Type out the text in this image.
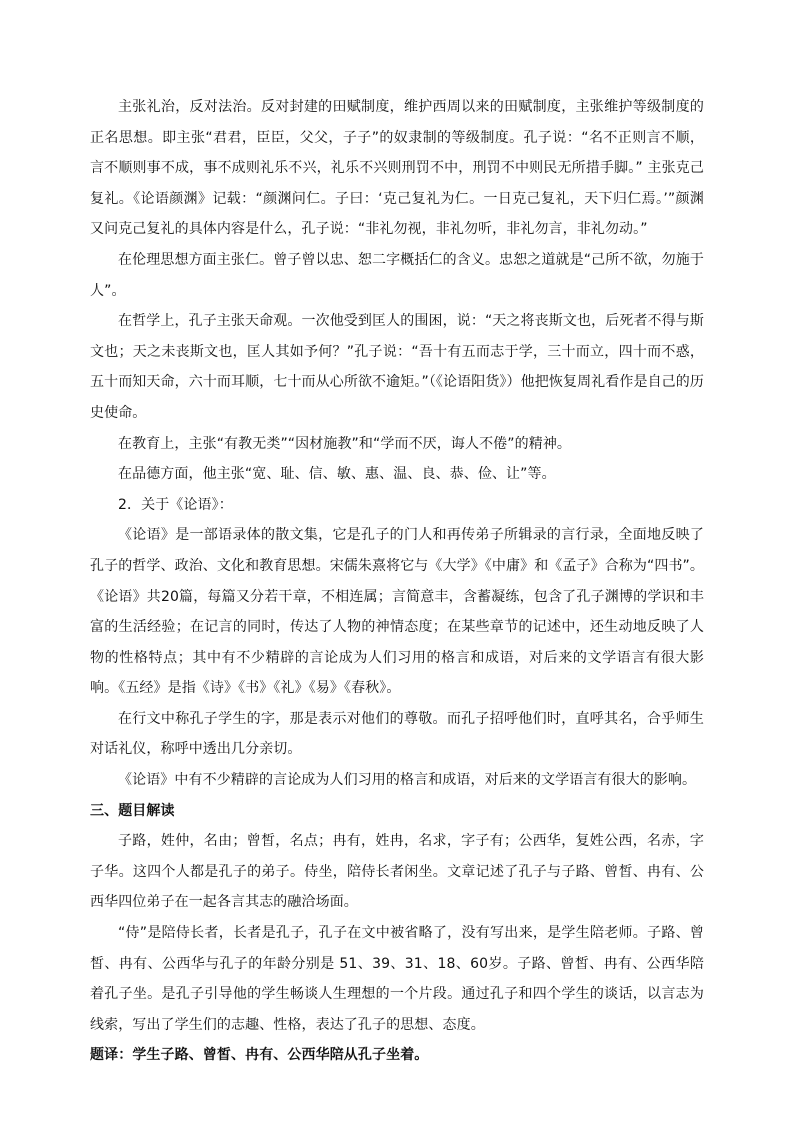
主张礼治，反对法治。反对封建的田赋制度，维护西周以来的田赋制度，主张维护等级制度的正名思想。即主张“君君，臣臣，父父，子子”的奴隶制的等级制度。孔子说：“名不正则言不顺，言不顺则事不成，事不成则礼乐不兴，礼乐不兴则刑罚不中，刑罚不中则民无所措手脚。” 主张克己复礼。《论语颜渊》记载：“颜渊问仁。子曰：‘克己复礼为仁。一日克己复礼，天下归仁焉。’”颜渊又问克己复礼的具体内容是什么，孔子说：“非礼勿视，非礼勿听，非礼勿言，非礼勿动。”

在伦理思想方面主张仁。曾子曾以忠、恕二字概括仁的含义。忠恕之道就是“己所不欲，勿施于人”。

在哲学上，孔子主张天命观。一次他受到匡人的围困，说：“天之将丧斯文也，后死者不得与斯文也；天之未丧斯文也，匡人其如予何？”孔子说：“吾十有五而志于学，三十而立，四十而不惑，五十而知天命，六十而耳顺，七十而从心所欲不逾矩。”（《论语阳货》）他把恢复周礼看作是自己的历史使命。

在教育上，主张“有教无类”“因材施教”和“学而不厌，诲人不倦”的精神。

在品德方面，他主张“宽、耻、信、敏、惠、温、良、恭、俭、让”等。

2．关于《论语》：

《论语》是一部语录体的散文集，它是孔子的门人和再传弟子所辑录的言行录，全面地反映了孔子的哲学、政治、文化和教育思想。宋儒朱熹将它与《大学》《中庸》和《孟子》合称为“四书”。《论语》共20篇，每篇又分若干章，不相连属；言简意丰，含蓄凝练，包含了孔子渊博的学识和丰富的生活经验；在记言的同时，传达了人物的神情态度；在某些章节的记述中，还生动地反映了人物的性格特点；其中有不少精辟的言论成为人们习用的格言和成语，对后来的文学语言有很大影响。《五经》是指《诗》《书》《礼》《易》《春秋》。

在行文中称孔子学生的字，那是表示对他们的尊敬。而孔子招呼他们时，直呼其名，合乎师生对话礼仪，称呼中透出几分亲切。

《论语》中有不少精辟的言论成为人们习用的格言和成语，对后来的文学语言有很大的影响。

三、题目解读

子路，姓仲，名由；曾皙，名点；冉有，姓冉，名求，字子有；公西华，复姓公西，名赤，字子华。这四个人都是孔子的弟子。侍坐，陪侍长者闲坐。文章记述了孔子与子路、曾皙、冉有、公西华四位弟子在一起各言其志的融洽场面。

“侍”是陪侍长者，长者是孔子，孔子在文中被省略了，没有写出来，是学生陪老师。子路、曾皙、冉有、公西华与孔子的年龄分别是 51、39、31、18、60岁。子路、曾皙、冉有、公西华陪着孔子坐。是孔子引导他的学生畅谈人生理想的一个片段。通过孔子和四个学生的谈话，以言志为线索，写出了学生们的志趣、性格，表达了孔子的思想、态度。

题译：学生子路、曾皙、冉有、公西华陪从孔子坐着。
